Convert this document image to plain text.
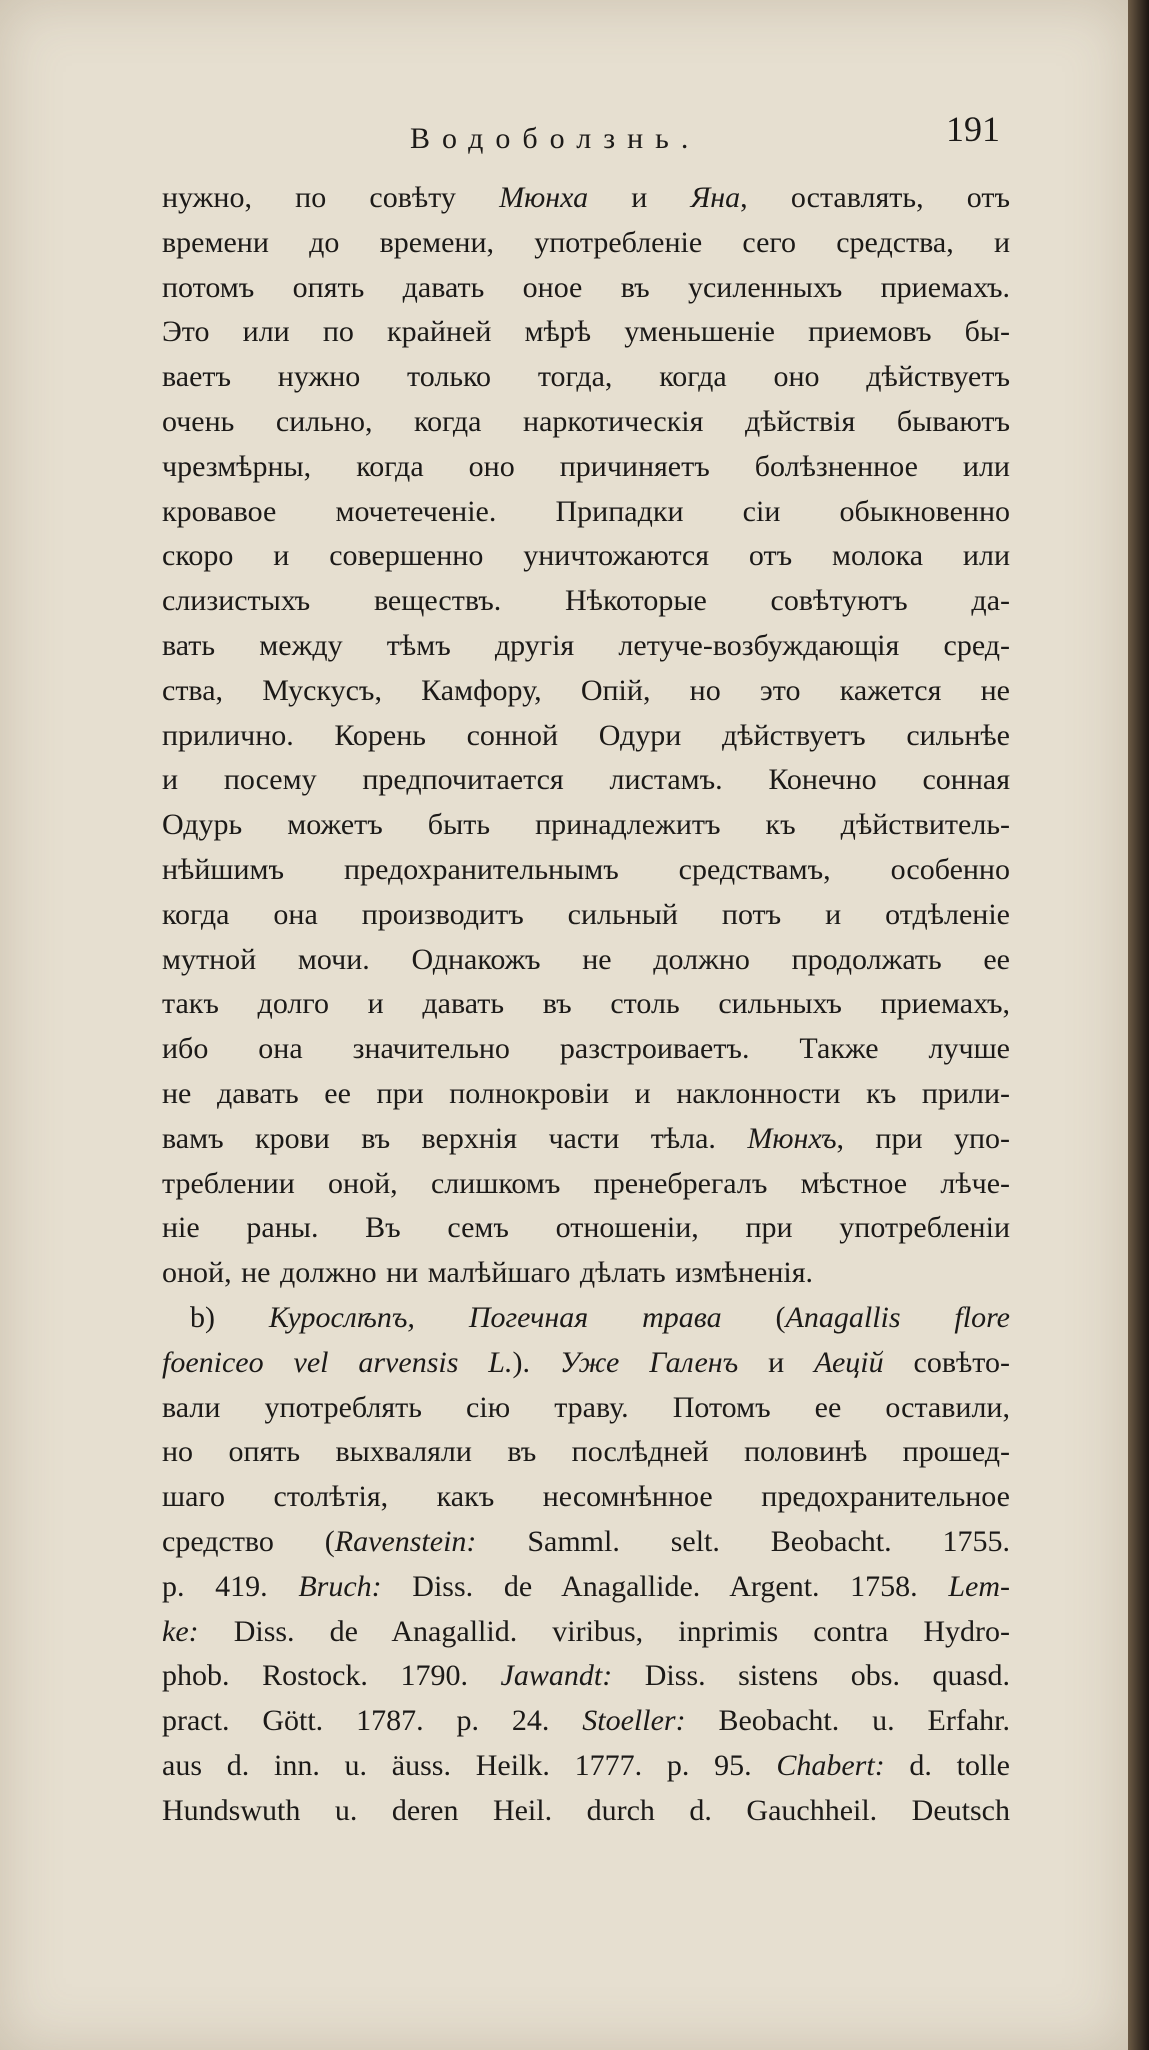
Водоболзнь.	191
нужно, по совѣту Мюнха и Яна, оставлять, отъ
времени до времени, употребленіе сего средства, и
потомъ опять давать оное въ усиленныхъ приемахъ.
Это или по крайней мѣрѣ уменьшеніе приемовъ бы-
ваетъ нужно только тогда, когда оно дѣйствуетъ
очень сильно, когда наркотическія дѣйствія бываютъ
чрезмѣрны, когда оно причиняетъ болѣзненное или
кровавое мочетеченіе. Припадки сіи обыкновенно
скоро и совершенно уничтожаются отъ молока или
слизистыхъ веществъ. Нѣкоторые совѣтуютъ да-
вать между тѣмъ другія летуче-возбуждающія сред-
ства, Мускусъ, Камфору, Опій, но это кажется не
прилично. Корень сонной Одури дѣйствуетъ сильнѣе
и посему предпочитается листамъ. Конечно сонная
Одурь можетъ быть принадлежитъ къ дѣйствитель-
нѣйшимъ предохранительнымъ средствамъ, особенно
когда она производитъ сильный потъ и отдѣленіе
мутной мочи. Однакожъ не должно продолжать ее
такъ долго и давать въ столь сильныхъ приемахъ,
ибо она значительно разстроиваетъ. Также лучше
не давать ее при полнокровіи и наклонности къ прили-
вамъ крови въ верхнія части тѣла. Мюнхъ, при упо-
треблении оной, слишкомъ пренебрегалъ мѣстное лѣче-
ніе раны. Въ семъ отношеніи, при употребленіи
оной, не должно ни малѣйшаго дѣлать измѣненія.
b) Курослѣпъ, Погечная трава (Anagallis flore
foeniceo vel arvensis L.). Уже Галенъ и Аецій совѣто-
вали употреблять сію траву. Потомъ ее оставили,
но опять выхваляли въ послѣдней половинѣ прошед-
шаго столѣтія, какъ несомнѣнное предохранительное
средство (Ravenstein: Samml. selt. Beobacht. 1755.
p. 419. Bruch: Diss. de Anagallide. Argent. 1758. Lem-
ke: Diss. de Anagallid. viribus, inprimis contra Hydro-
phob. Rostock. 1790. Jawandt: Diss. sistens obs. quasd.
pract. Gött. 1787. p. 24. Stoeller: Beobacht. u. Erfahr.
aus d. inn. u. äuss. Heilk. 1777. p. 95. Chabert: d. tolle
Hundswuth u. deren Heil. durch d. Gauchheil. Deutsch
